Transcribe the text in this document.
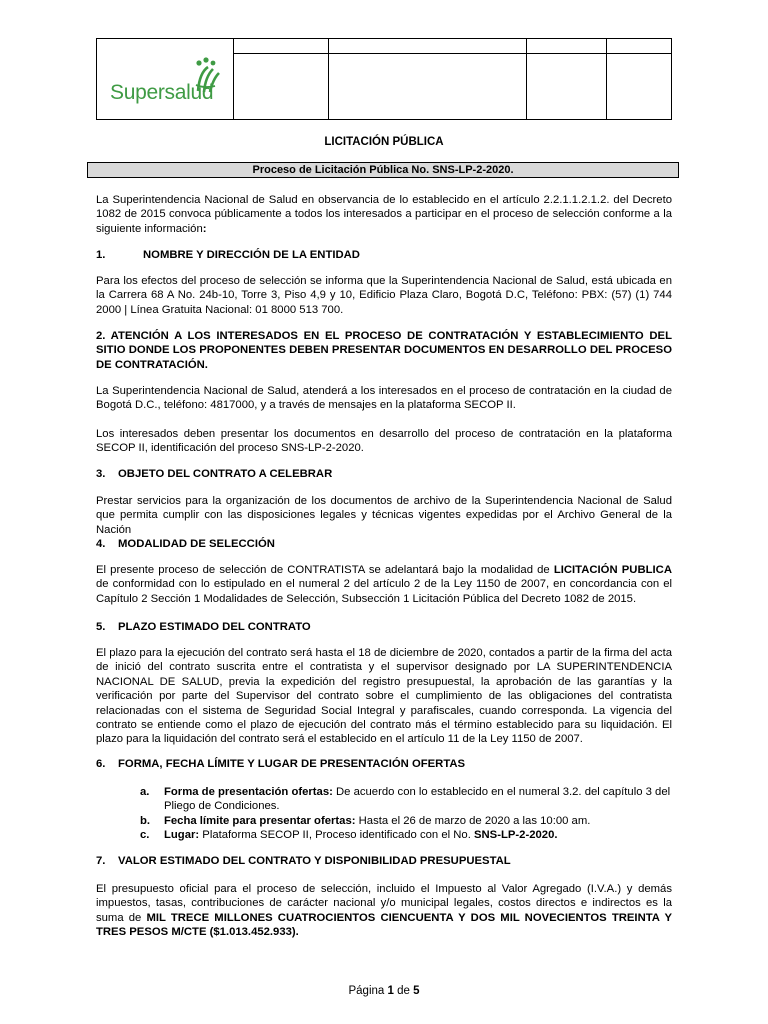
Supersalud
LICITACIÓN PÚBLICA
Proceso de Licitación Pública No. SNS-LP-2-2020.
La Superintendencia Nacional de Salud en observancia de lo establecido en el artículo 2.2.1.1.2.1.2. del Decreto 1082 de 2015 convoca públicamente a todos los interesados a participar en el proceso de selección conforme a la siguiente información:
1.	NOMBRE Y DIRECCIÓN DE LA ENTIDAD
Para los efectos del proceso de selección se informa que la Superintendencia Nacional de Salud, está ubicada en la Carrera 68 A No. 24b-10, Torre 3, Piso 4,9 y 10, Edificio Plaza Claro, Bogotá D.C, Teléfono: PBX: (57) (1) 744 2000 | Línea Gratuita Nacional: 01 8000 513 700.
2. ATENCIÓN A LOS INTERESADOS EN EL PROCESO DE CONTRATACIÓN Y ESTABLECIMIENTO DEL SITIO DONDE LOS PROPONENTES DEBEN PRESENTAR DOCUMENTOS EN DESARROLLO DEL PROCESO DE CONTRATACIÓN.
La Superintendencia Nacional de Salud, atenderá a los interesados en el proceso de contratación en la ciudad de Bogotá D.C., teléfono: 4817000, y a través de mensajes en la plataforma SECOP II.
Los interesados deben presentar los documentos en desarrollo del proceso de contratación en la plataforma SECOP II, identificación del proceso SNS-LP-2-2020.
3. OBJETO DEL CONTRATO A CELEBRAR
Prestar servicios para la organización de los documentos de archivo de la Superintendencia Nacional de Salud que permita cumplir con las disposiciones legales y técnicas vigentes expedidas por el Archivo General de la Nación
4. MODALIDAD DE SELECCIÓN
El presente proceso de selección de CONTRATISTA se adelantará bajo la modalidad de LICITACIÓN PUBLICA de conformidad con lo estipulado en el numeral 2 del artículo 2 de la Ley 1150 de 2007, en concordancia con el Capítulo 2 Sección 1 Modalidades de Selección, Subsección 1 Licitación Pública del Decreto 1082 de 2015.
5. PLAZO ESTIMADO DEL CONTRATO
El plazo para la ejecución del contrato será hasta el 18 de diciembre de 2020, contados a partir de la firma del acta de inició del contrato suscrita entre el contratista y el supervisor designado por LA SUPERINTENDENCIA NACIONAL DE SALUD, previa la expedición del registro presupuestal, la aprobación de las garantías y la verificación por parte del Supervisor del contrato sobre el cumplimiento de las obligaciones del contratista relacionadas con el sistema de Seguridad Social Integral y parafiscales, cuando corresponda. La vigencia del contrato se entiende como el plazo de ejecución del contrato más el término establecido para su liquidación. El plazo para la liquidación del contrato será el establecido en el artículo 11 de la Ley 1150 de 2007.
6. FORMA, FECHA LÍMITE Y LUGAR DE PRESENTACIÓN OFERTAS
a. Forma de presentación ofertas: De acuerdo con lo establecido en el numeral 3.2. del capítulo 3 del Pliego de Condiciones.
b. Fecha límite para presentar ofertas: Hasta el 26 de marzo de 2020 a las 10:00 am.
c. Lugar: Plataforma SECOP II, Proceso identificado con el No. SNS-LP-2-2020.
7. VALOR ESTIMADO DEL CONTRATO Y DISPONIBILIDAD PRESUPUESTAL
El presupuesto oficial para el proceso de selección, incluido el Impuesto al Valor Agregado (I.V.A.) y demás impuestos, tasas, contribuciones de carácter nacional y/o municipal legales, costos directos e indirectos es la suma de MIL TRECE MILLONES CUATROCIENTOS CIENCUENTA Y DOS MIL NOVECIENTOS TREINTA Y TRES PESOS M/CTE ($1.013.452.933).
Página 1 de 5
